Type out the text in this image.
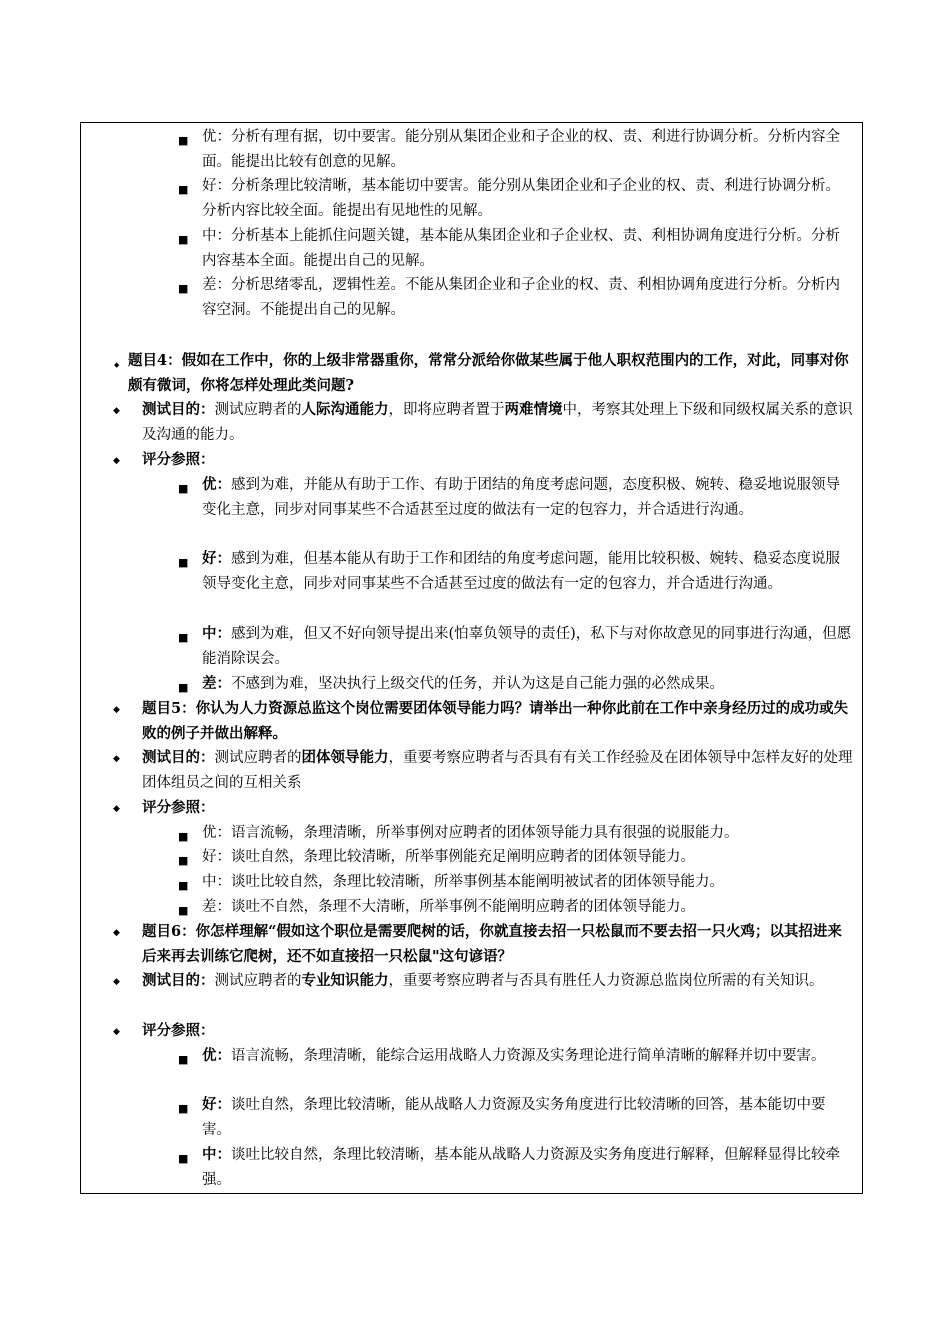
■ 优：分析有理有据，切中要害。能分别从集团企业和子企业的权、责、利进行协调分析。分析内容全面。能提出比较有创意的见解。
■ 好：分析条理比较清晰，基本能切中要害。能分别从集团企业和子企业的权、责、利进行协调分析。分析内容比较全面。能提出有见地性的见解。
■ 中：分析基本上能抓住问题关键，基本能从集团企业和子企业权、责、利相协调角度进行分析。分析内容基本全面。能提出自己的见解。
■ 差：分析思绪零乱，逻辑性差。不能从集团企业和子企业的权、责、利相协调角度进行分析。分析内容空洞。不能提出自己的见解。
◆ 题目4：假如在工作中，你的上级非常器重你，常常分派给你做某些属于他人职权范围内的工作，对此，同事对你颇有微词，你将怎样处理此类问题?
◆ 测试目的：测试应聘者的人际沟通能力，即将应聘者置于两难情境中，考察其处理上下级和同级权属关系的意识及沟通的能力。
◆ 评分参照：
■ 优：感到为难，并能从有助于工作、有助于团结的角度考虑问题，态度积极、婉转、稳妥地说服领导变化主意，同步对同事某些不合适甚至过度的做法有一定的包容力，并合适进行沟通。
■ 好：感到为难，但基本能从有助于工作和团结的角度考虑问题，能用比较积极、婉转、稳妥态度说服领导变化主意，同步对同事某些不合适甚至过度的做法有一定的包容力，并合适进行沟通。
■ 中：感到为难，但又不好向领导提出来(怕辜负领导的责任)，私下与对你故意见的同事进行沟通，但愿能消除误会。
■ 差：不感到为难，坚决执行上级交代的任务，并认为这是自己能力强的必然成果。
◆ 题目5：你认为人力资源总监这个岗位需要团体领导能力吗？请举出一种你此前在工作中亲身经历过的成功或失败的例子并做出解释。
◆ 测试目的：测试应聘者的团体领导能力，重要考察应聘者与否具有有关工作经验及在团体领导中怎样友好的处理团体组员之间的互相关系
◆ 评分参照：
■ 优：语言流畅，条理清晰，所举事例对应聘者的团体领导能力具有很强的说服能力。
■ 好：谈吐自然，条理比较清晰，所举事例能充足阐明应聘者的团体领导能力。
■ 中：谈吐比较自然，条理比较清晰，所举事例基本能阐明被试者的团体领导能力。
■ 差：谈吐不自然，条理不大清晰，所举事例不能阐明应聘者的团体领导能力。
◆ 题目6：你怎样理解“假如这个职位是需要爬树的话，你就直接去招一只松鼠而不要去招一只火鸡；以其招进来后来再去训练它爬树，还不如直接招一只松鼠"这句谚语？
◆ 测试目的：测试应聘者的专业知识能力，重要考察应聘者与否具有胜任人力资源总监岗位所需的有关知识。
◆ 评分参照：
■ 优：语言流畅，条理清晰，能综合运用战略人力资源及实务理论进行简单清晰的解释并切中要害。
■ 好：谈吐自然，条理比较清晰，能从战略人力资源及实务角度进行比较清晰的回答，基本能切中要害。
■ 中：谈吐比较自然，条理比较清晰，基本能从战略人力资源及实务角度进行解释，但解释显得比较牵强。
